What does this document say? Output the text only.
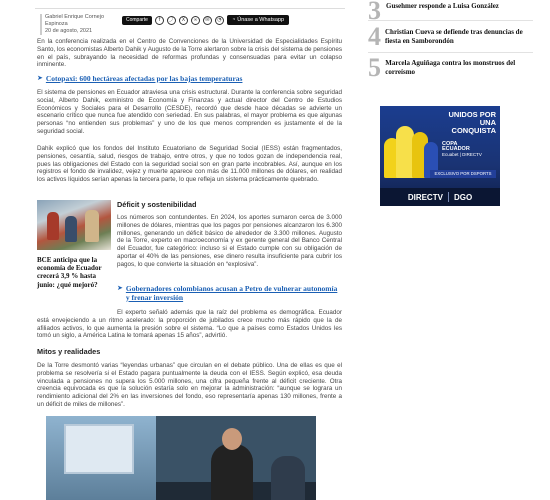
Gabriel Enrique Cornejo Espinoza
20 de agosto, 2021
Comparte	f	⤴	X	∞	✉	◔	◔ Únase a Whatsapp

En la conferencia realizada en el Centro de Convenciones de la Universidad de Especialidades Espíritu Santo, los economistas Alberto Dahik y Augusto de la Torre alertaron sobre la crisis del sistema de pensiones en el país, subrayando la necesidad de reformas profundas y consensuadas para evitar un colapso inminente.

➤ Cotopaxi: 600 hectáreas afectadas por las bajas temperaturas

El sistema de pensiones en Ecuador atraviesa una crisis estructural. Durante la conferencia sobre seguridad social, Alberto Dahik, exministro de Economía y Finanzas y actual director del Centro de Estudios Económicos y Sociales para el Desarrollo (CESDE), recordó que desde hace décadas se advierte un escenario crítico que nunca fue atendido con seriedad. En sus palabras, el mayor problema es que algunas personas “no entienden sus problemas” y uno de los que menos comprenden es justamente el de la seguridad social.

Dahik explicó que los fondos del Instituto Ecuatoriano de Seguridad Social (IESS) están fragmentados, pensiones, cesantía, salud, riesgos de trabajo, entre otros, y que no todos gozan de independencia real, pues las obligaciones del Estado con la seguridad social son en gran parte incobrables. Así, aunque en los registros el fondo de invalidez, vejez y muerte aparece con más de 11.000 millones de dólares, en realidad los activos líquidos serían apenas la tercera parte, lo que refleja un sistema prácticamente quebrado.

BCE anticipa que la economía de Ecuador crecerá 3,9 % hasta junio: ¿qué mejoró?
Déficit y sostenibilidad

Los números son contundentes. En 2024, los aportes sumaron cerca de 3.000 millones de dólares, mientras que los pagos por pensiones alcanzaron los 6.300 millones, generando un déficit básico de alrededor de 3.300 millones. Augusto de la Torre, experto en macroeconomía y ex gerente general del Banco Central del Ecuador, fue categórico: incluso si el Estado cumple con su obligación de aportar el 40% de las pensiones, ese dinero resulta insuficiente para cubrir los pagos, lo que convierte la situación en “explosiva”.

➤ Gobernadores colombianos acusan a Petro de vulnerar autonomía y frenar inversión

El experto señaló además que la raíz del problema es demográfica. Ecuador está envejeciendo a un ritmo acelerado: la proporción de jubilados crece mucho más rápido que la de afiliados activos, lo que aumenta la presión sobre el sistema. “Lo que a países como Estados Unidos les tomó un siglo, a América Latina le tomará apenas 15 años”, advirtió.

Mitos y realidades

De la Torre desmontó varias “leyendas urbanas” que circulan en el debate público. Una de ellas es que el problema se resolvería si el Estado pagara puntualmente la deuda con el IESS. Según explicó, esa deuda vinculada a pensiones no supera los 5.000 millones, una cifra pequeña frente al déficit creciente. Otra creencia equivocada es que la solución estaría solo en mejorar la administración: “aunque se lograra un rendimiento adicional del 2% en las inversiones del fondo, eso representaría apenas 130 millones, frente a un déficit de miles de millones”.

3 Gusehmer responde a Luisa González
4 Christian Cueva se defiende tras denuncias de fiesta en Samborondón
5 Marcela Aguiñaga contra los monstruos del correísmo
UNIDOS POR UNA CONQUISTA
COPA ECUADOR
Ecuabet | DIRECTV
EXCLUSIVO POR DSPORTS
DIRECTV DGO
